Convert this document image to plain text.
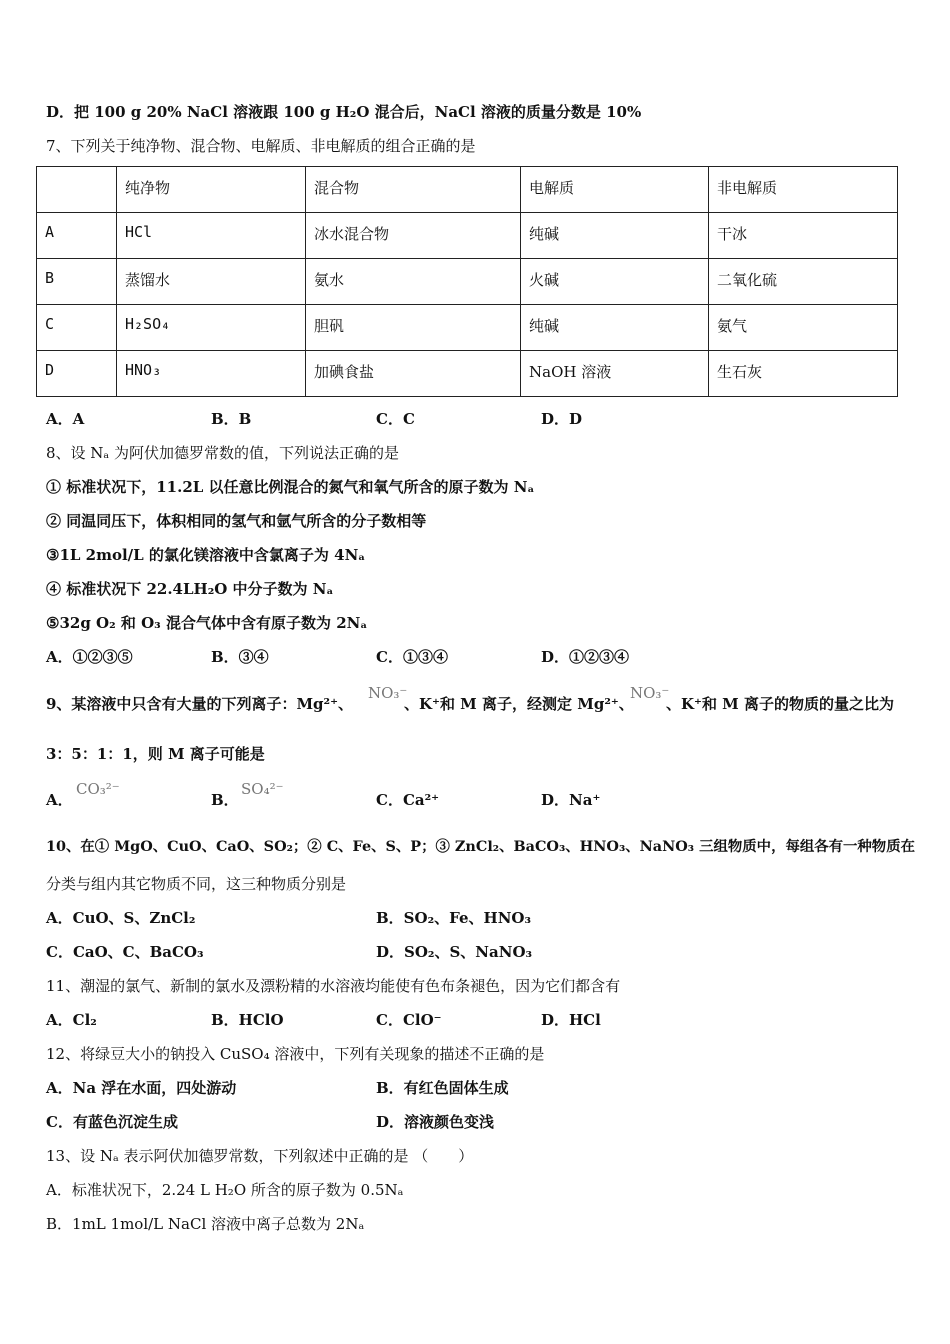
D．把 100 g 20% NaCl 溶液跟 100 g H₂O 混合后，NaCl 溶液的质量分数是 10%
7、下列关于纯净物、混合物、电解质、非电解质的组合正确的是
	纯净物	混合物	电解质	非电解质
A	HCl	冰水混合物	纯碱	干冰
B	蒸馏水	氨水	火碱	二氧化硫
C	H₂SO₄	胆矾	纯碱	氨气
D	HNO₃	加碘食盐	NaOH 溶液	生石灰
A．A	B．B	C．C	D．D
8、设 Nₐ 为阿伏加德罗常数的值，下列说法正确的是
① 标准状况下，11.2L 以任意比例混合的氮气和氧气所含的原子数为 Nₐ
② 同温同压下，体积相同的氢气和氩气所含的分子数相等
③1L 2mol/L 的氯化镁溶液中含氯离子为 4Nₐ
④ 标准状况下 22.4LH₂O 中分子数为 Nₐ
⑤32g O₂ 和 O₃ 混合气体中含有原子数为 2Nₐ
A．①②③⑤	B．③④	C．①③④	D．①②③④
9、某溶液中只含有大量的下列离子：Mg²⁺、
NO₃⁻
、K⁺和 M 离子，经测定 Mg²⁺、
NO₃⁻
、K⁺和 M 离子的物质的量之比为
3：5：1：1，则 M 离子可能是
A．
CO₃²⁻
B．
SO₄²⁻
C．Ca²⁺	D．Na⁺
10、在① MgO、CuO、CaO、SO₂；② C、Fe、S、P；③ ZnCl₂、BaCO₃、HNO₃、NaNO₃ 三组物质中，每组各有一种物质在
分类与组内其它物质不同，这三种物质分别是
A．CuO、S、ZnCl₂	B．SO₂、Fe、HNO₃
C．CaO、C、BaCO₃	D．SO₂、S、NaNO₃
11、潮湿的氯气、新制的氯水及漂粉精的水溶液均能使有色布条褪色，因为它们都含有
A．Cl₂	B．HClO	C．ClO⁻	D．HCl
12、将绿豆大小的钠投入 CuSO₄ 溶液中，下列有关现象的描述不正确的是
A．Na 浮在水面，四处游动	B．有红色固体生成
C．有蓝色沉淀生成	D．溶液颜色变浅
13、设 Nₐ 表示阿伏加德罗常数，下列叙述中正确的是 （　　）
A．标准状况下，2.24 L H₂O 所含的原子数为 0.5Nₐ
B．1mL 1mol/L NaCl 溶液中离子总数为 2Nₐ
